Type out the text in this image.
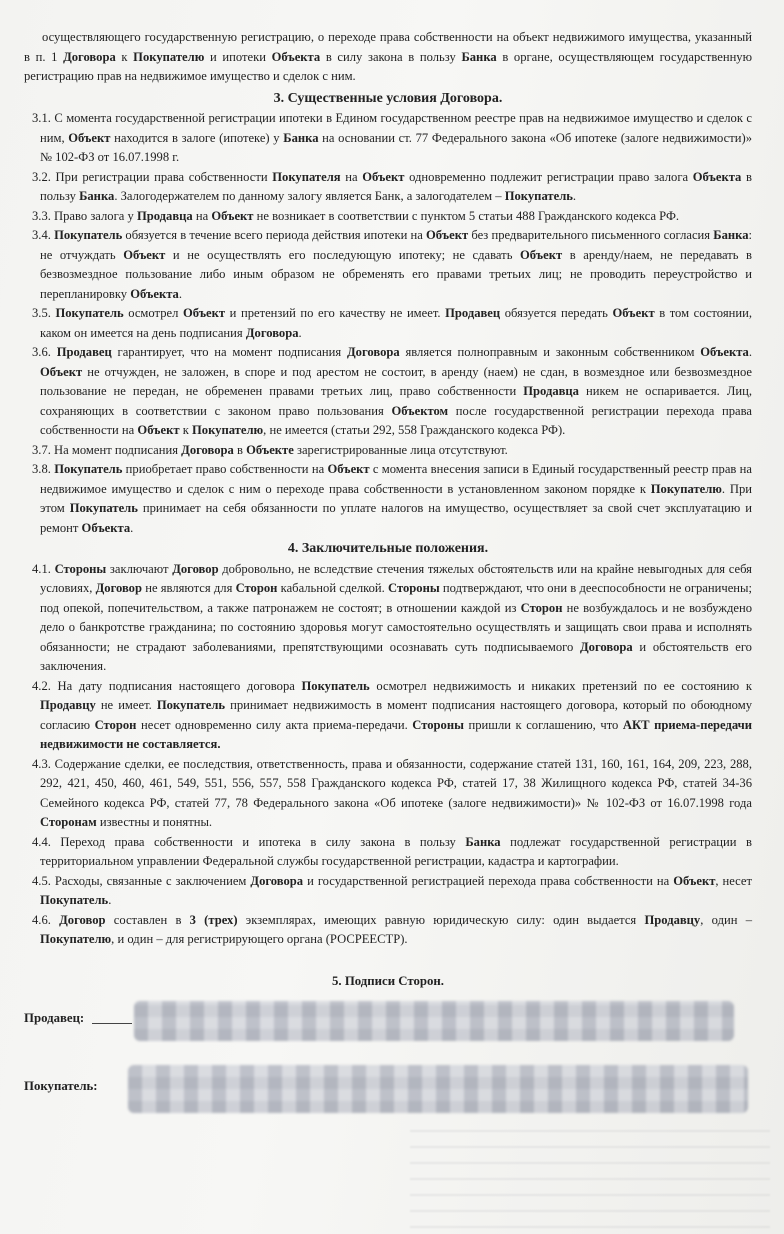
осуществляющего государственную регистрацию, о переходе права собственности на объект недвижимого имущества, указанный в п. 1 Договора к Покупателю и ипотеки Объекта в силу закона в пользу Банка в органе, осуществляющем государственную регистрацию прав на недвижимое имущество и сделок с ним.

3. Существенные условия Договора.

3.1. С момента государственной регистрации ипотеки в Едином государственном реестре прав на недвижимое имущество и сделок с ним, Объект находится в залоге (ипотеке) у Банка на основании ст. 77 Федерального закона «Об ипотеке (залоге недвижимости)» № 102-ФЗ от 16.07.1998 г.

3.2. При регистрации права собственности Покупателя на Объект одновременно подлежит регистрации право залога Объекта в пользу Банка. Залогодержателем по данному залогу является Банк, а залогодателем – Покупатель.

3.3. Право залога у Продавца на Объект не возникает в соответствии с пунктом 5 статьи 488 Гражданского кодекса РФ.

3.4. Покупатель обязуется в течение всего периода действия ипотеки на Объект без предварительного письменного согласия Банка: не отчуждать Объект и не осуществлять его последующую ипотеку; не сдавать Объект в аренду/наем, не передавать в безвозмездное пользование либо иным образом не обременять его правами третьих лиц; не проводить переустройство и перепланировку Объекта.

3.5. Покупатель осмотрел Объект и претензий по его качеству не имеет. Продавец обязуется передать Объект в том состоянии, каком он имеется на день подписания Договора.

3.6. Продавец гарантирует, что на момент подписания Договора является полноправным и законным собственником Объекта. Объект не отчужден, не заложен, в споре и под арестом не состоит, в аренду (наем) не сдан, в возмездное или безвозмездное пользование не передан, не обременен правами третьих лиц, право собственности Продавца никем не оспаривается. Лиц, сохраняющих в соответствии с законом право пользования Объектом после государственной регистрации перехода права собственности на Объект к Покупателю, не имеется (статьи 292, 558 Гражданского кодекса РФ).

3.7. На момент подписания Договора в Объекте зарегистрированные лица отсутствуют.

3.8. Покупатель приобретает право собственности на Объект с момента внесения записи в Единый государственный реестр прав на недвижимое имущество и сделок с ним о переходе права собственности в установленном законом порядке к Покупателю. При этом Покупатель принимает на себя обязанности по уплате налогов на имущество, осуществляет за свой счет эксплуатацию и ремонт Объекта.

4. Заключительные положения.

4.1. Стороны заключают Договор добровольно, не вследствие стечения тяжелых обстоятельств или на крайне невыгодных для себя условиях, Договор не являются для Сторон кабальной сделкой. Стороны подтверждают, что они в дееспособности не ограничены; под опекой, попечительством, а также патронажем не состоят; в отношении каждой из Сторон не возбуждалось и не возбуждено дело о банкротстве гражданина; по состоянию здоровья могут самостоятельно осуществлять и защищать свои права и исполнять обязанности; не страдают заболеваниями, препятствующими осознавать суть подписываемого Договора и обстоятельств его заключения.

4.2. На дату подписания настоящего договора Покупатель осмотрел недвижимость и никаких претензий по ее состоянию к Продавцу не имеет. Покупатель принимает недвижимость в момент подписания настоящего договора, который по обоюдному согласию Сторон несет одновременно силу акта приема-передачи. Стороны пришли к соглашению, что АКТ приема-передачи недвижимости не составляется.

4.3. Содержание сделки, ее последствия, ответственность, права и обязанности, содержание статей 131, 160, 161, 164, 209, 223, 288, 292, 421, 450, 460, 461, 549, 551, 556, 557, 558 Гражданского кодекса РФ, статей 17, 38 Жилищного кодекса РФ, статей 34-36 Семейного кодекса РФ, статей 77, 78 Федерального закона «Об ипотеке (залоге недвижимости)» № 102-ФЗ от 16.07.1998 года Сторонам известны и понятны.

4.4. Переход права собственности и ипотека в силу закона в пользу Банка подлежат государственной регистрации в территориальном управлении Федеральной службы государственной регистрации, кадастра и картографии.

4.5. Расходы, связанные с заключением Договора и государственной регистрацией перехода права собственности на Объект, несет Покупатель.

4.6. Договор составлен в 3 (трех) экземплярах, имеющих равную юридическую силу: один выдается Продавцу, один – Покупателю, и один – для регистрирующего органа (РОСРЕЕСТР).

5. Подписи Сторон.
Продавец:
Покупатель:
